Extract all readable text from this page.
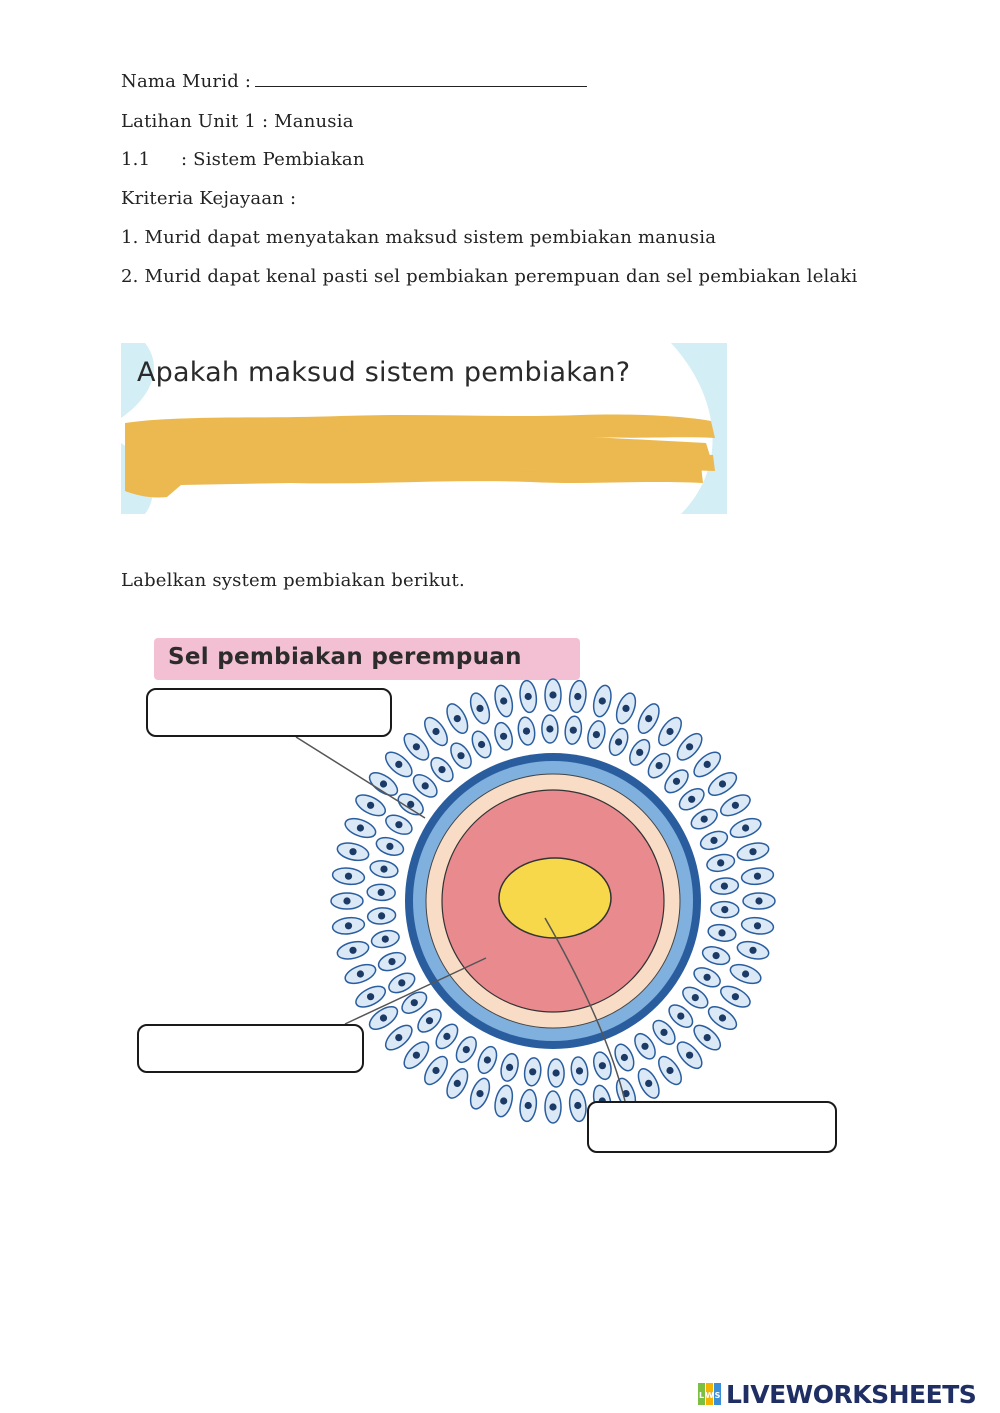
Nama Murid :
Latihan Unit 1 : Manusia
1.1 : Sistem Pembiakan
Kriteria Kejayaan :
1. Murid dapat menyatakan maksud sistem pembiakan manusia
2. Murid dapat kenal pasti sel pembiakan perempuan dan sel pembiakan lelaki
Apakah maksud sistem pembiakan?
Labelkan system pembiakan berikut.
Sel pembiakan perempuan
L W S LIVEWORKSHEETS
